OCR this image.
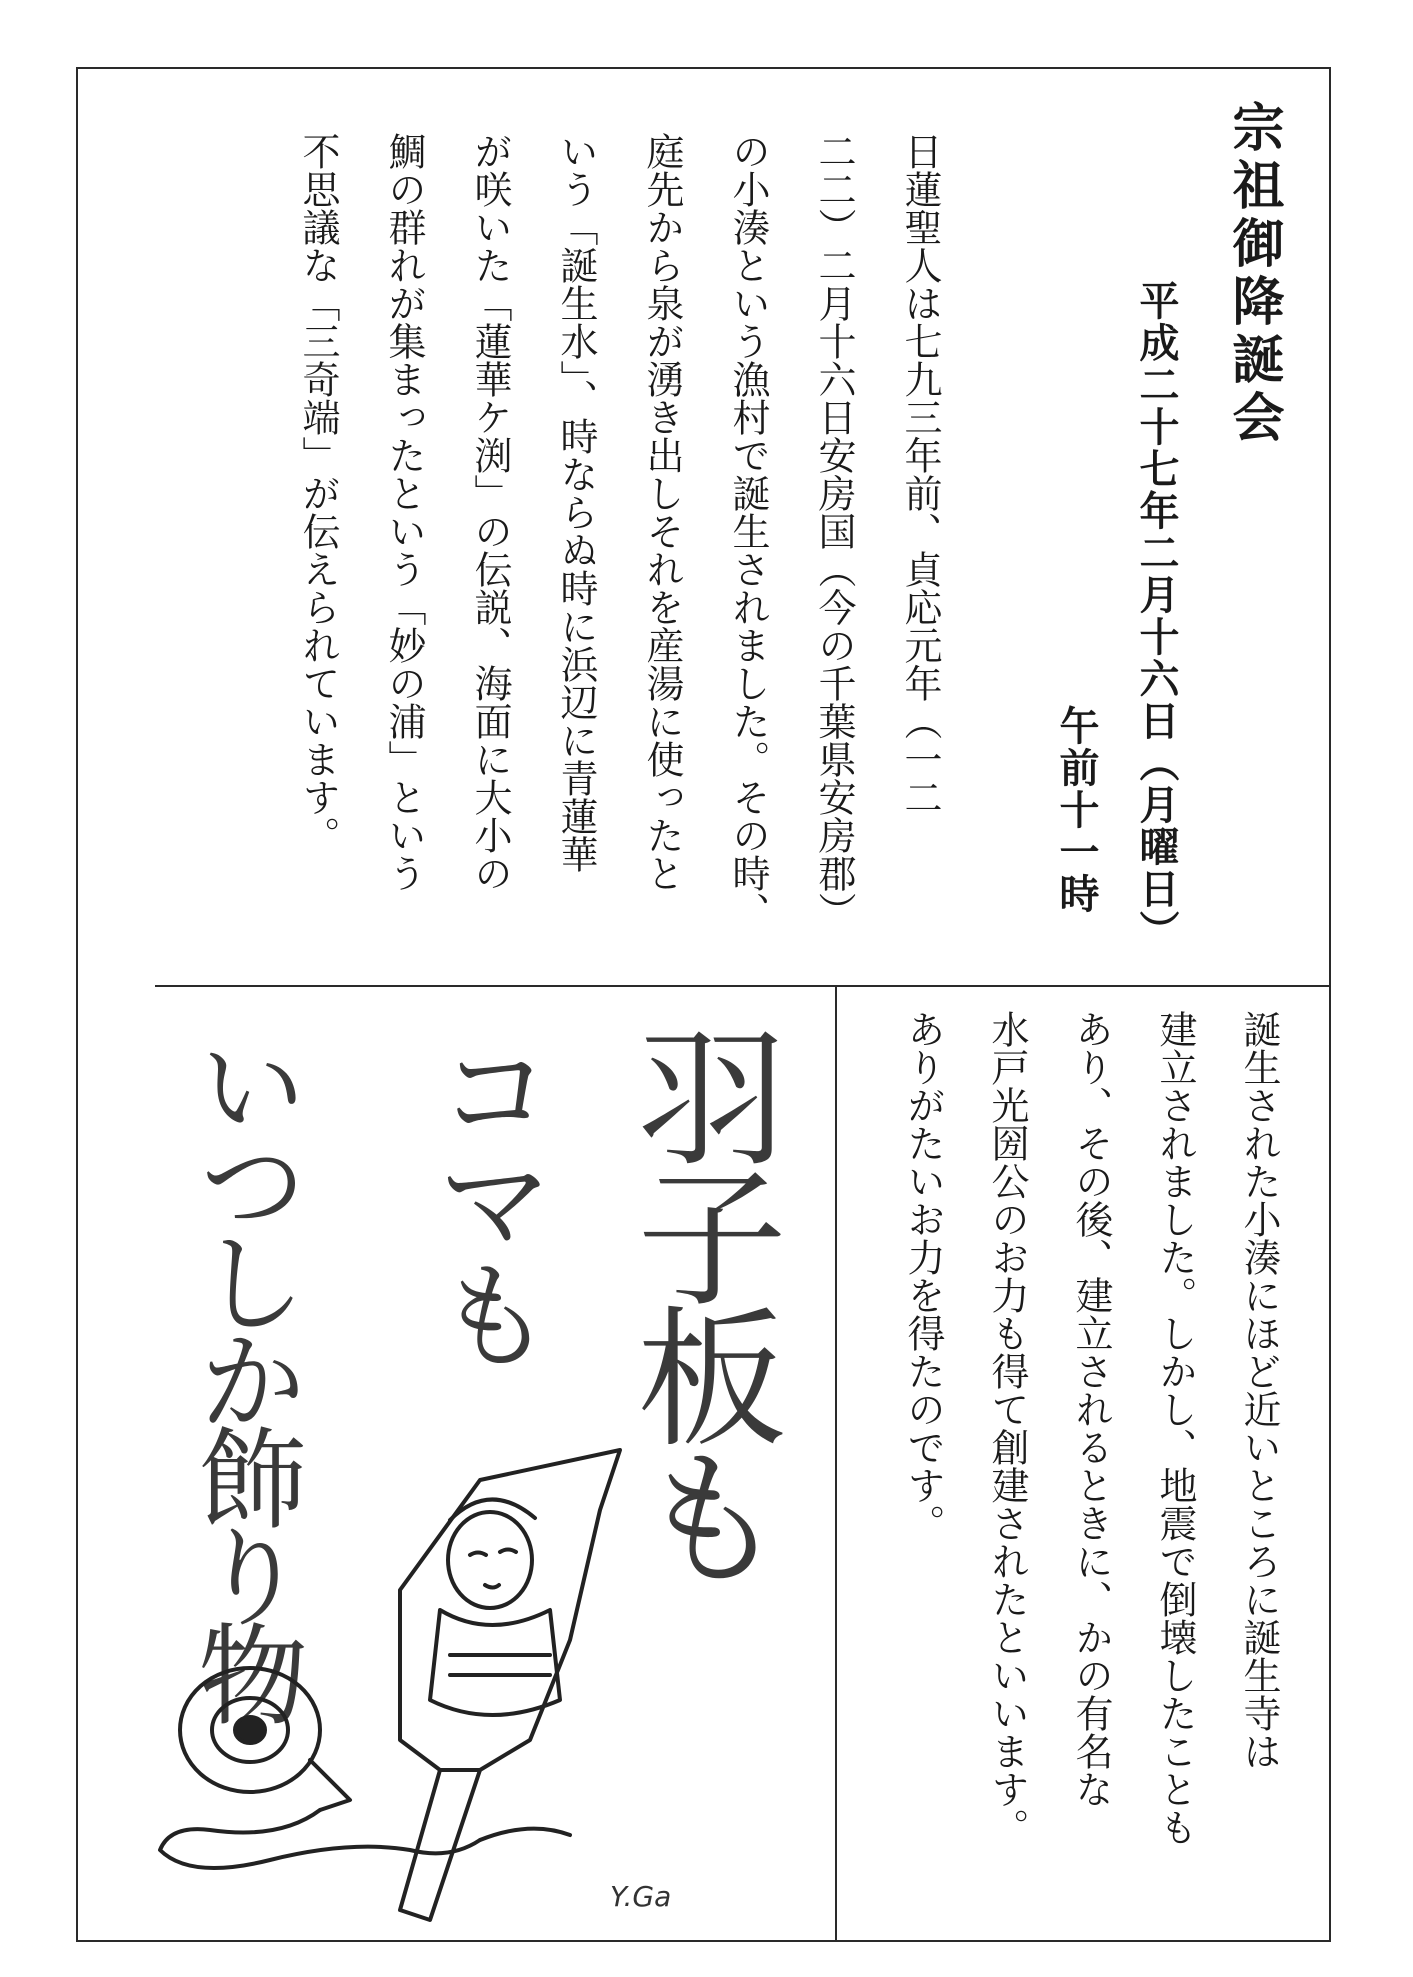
宗祖御降誕会
平成二十七年二月十六日（月曜日）
午前十一時

日蓮聖人は七九三年前、貞応元年（一二

二二）二月十六日安房国（今の千葉県安房郡）

の小湊という漁村で誕生されました。その時、

庭先から泉が湧き出しそれを産湯に使ったと

いう「誕生水」、時ならぬ時に浜辺に青蓮華

が咲いた「蓮華ケ渕」の伝説、海面に大小の

鯛の群れが集まったという「妙の浦」という

不思議な「三奇端」が伝えられています。

誕生された小湊にほど近いところに誕生寺は

建立されました。しかし、地震で倒壊したことも

あり、その後、建立されるときに、かの有名な

水戸光圀公のお力も得て創建されたといいます。

ありがたいお力を得たのです。

羽子板も
コマも
いつしか飾り物
Y.Ga
